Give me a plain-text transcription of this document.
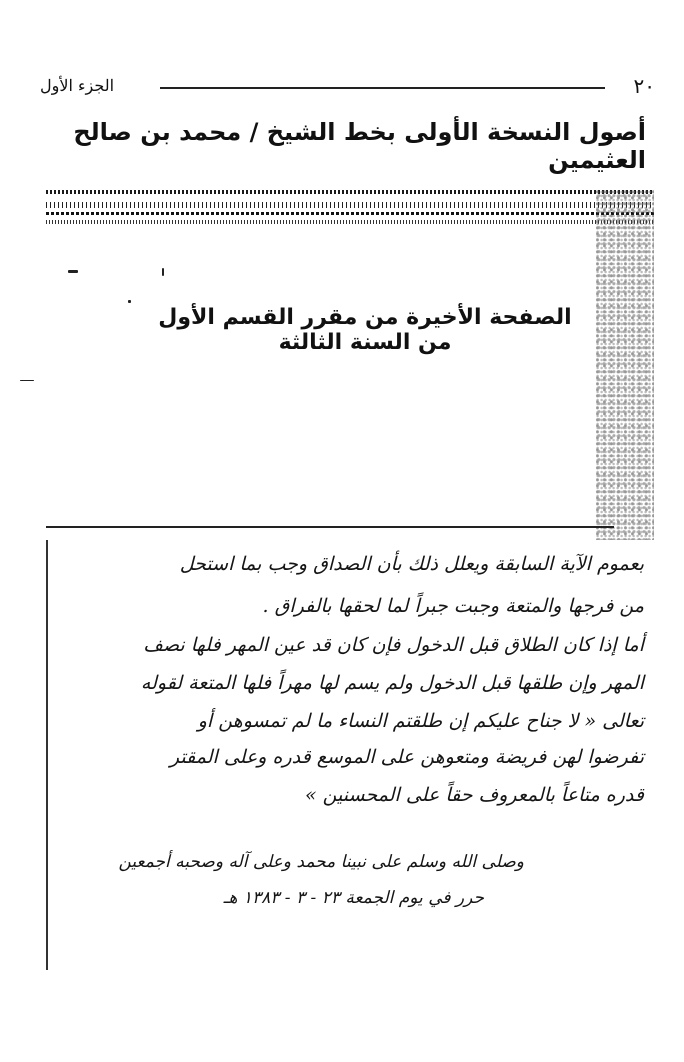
٢٠
الجزء الأول
أصول النسخة الأولى بخط الشيخ / محمد بن صالح العثيمين
الصفحة الأخيرة من مقرر القسم الأول من السنة الثالثة
بعموم الآية السابقة ويعلل ذلك بأن الصداق وجب بما استحل
من فرجها والمتعة وجبت جبراً لما لحقها بالفراق .
أما إذا كان الطلاق قبل الدخول فإن كان قد عين المهر فلها نصف
المهر وإن طلقها قبل الدخول ولم يسم لها مهراً فلها المتعة لقوله
تعالى « لا جناح عليكم إن طلقتم النساء ما لم تمسوهن أو
تفرضوا لهن فريضة ومتعوهن على الموسع قدره وعلى المقتر
قدره متاعاً بالمعروف حقاً على المحسنين »
وصلى الله وسلم على نبينا محمد وعلى آله وصحبه أجمعين
حرر في يوم الجمعة ٢٣ - ٣ - ١٣٨٣ هـ
